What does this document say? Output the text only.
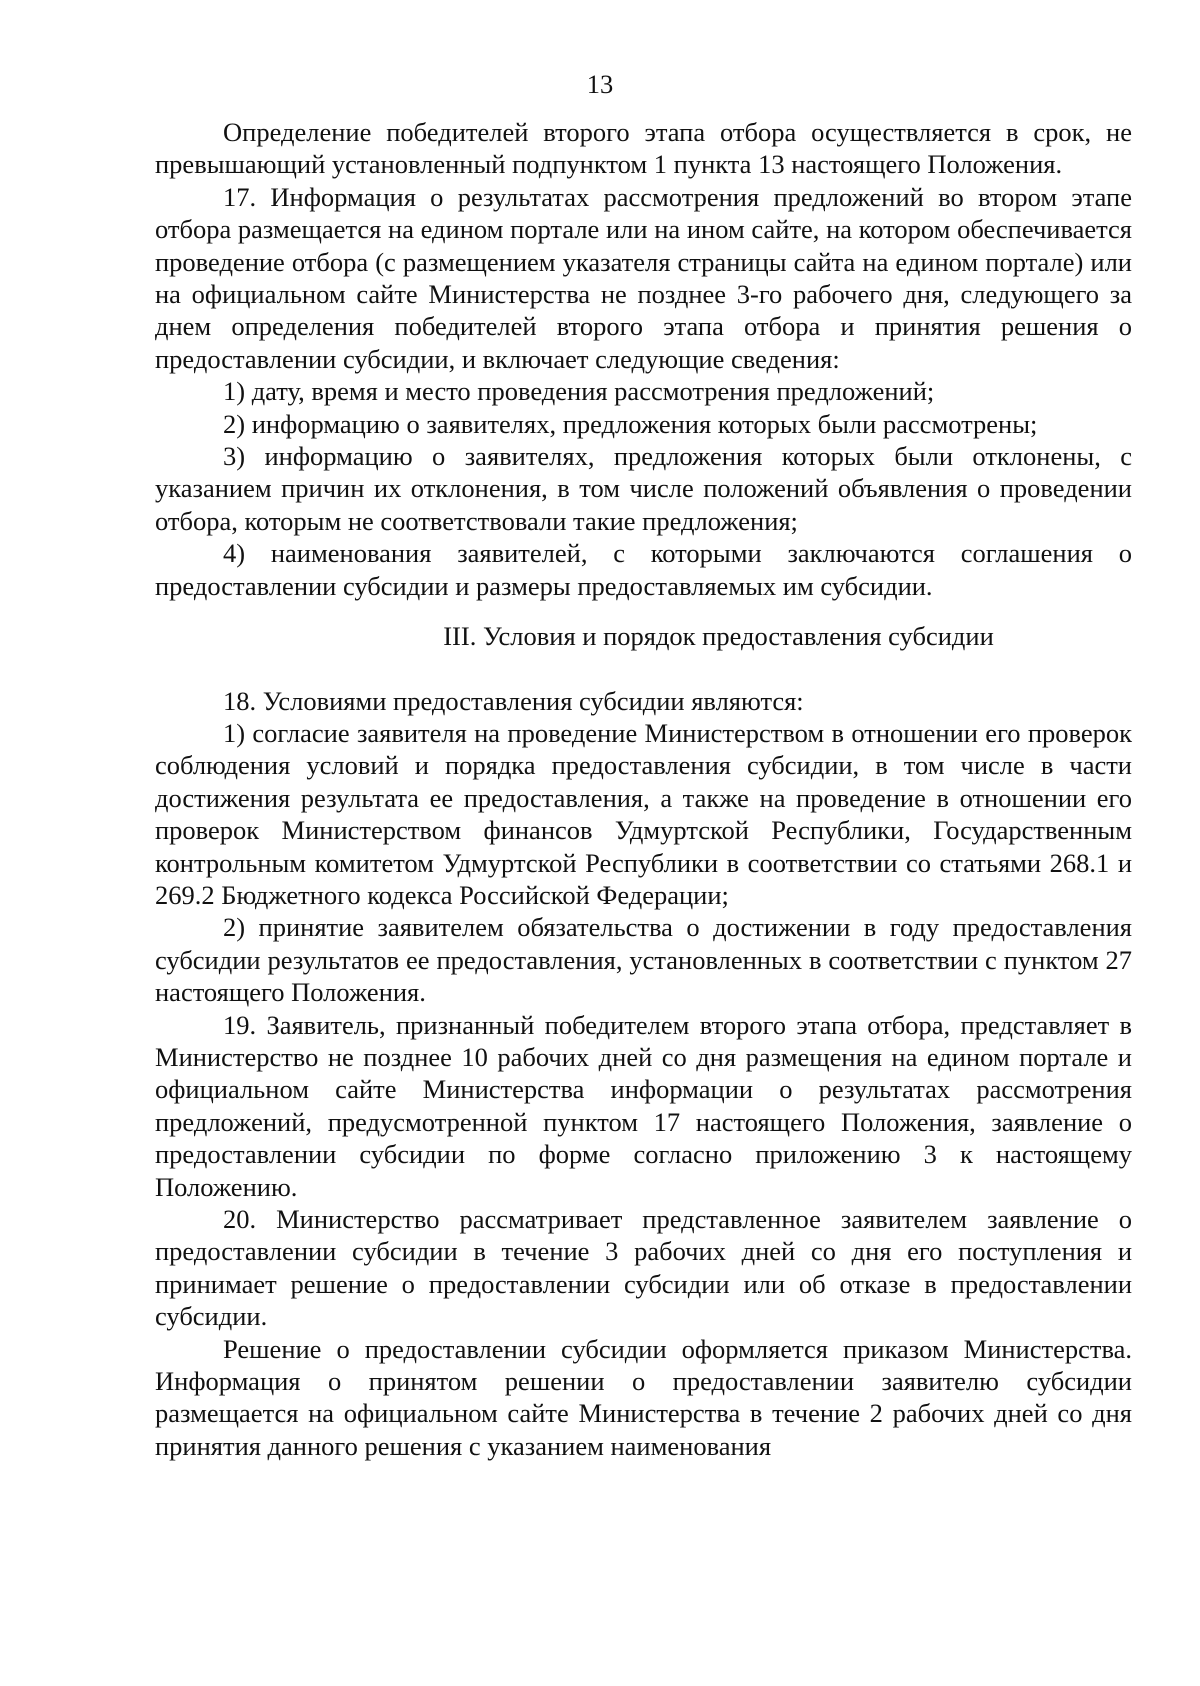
13

Определение победителей второго этапа отбора осуществляется в срок, не превышающий установленный подпунктом 1 пункта 13 настоящего Положения.

17. Информация о результатах рассмотрения предложений во втором этапе отбора размещается на едином портале или на ином сайте, на котором обеспечивается проведение отбора (с размещением указателя страницы сайта на едином портале) или на официальном сайте Министерства не позднее 3-го рабочего дня, следующего за днем определения победителей второго этапа отбора и принятия решения о предоставлении субсидии, и включает следующие сведения:

1) дату, время и место проведения рассмотрения предложений;

2) информацию о заявителях, предложения которых были рассмотрены;

3) информацию о заявителях, предложения которых были отклонены, с указанием причин их отклонения, в том числе положений объявления о проведении отбора, которым не соответствовали такие предложения;

4) наименования заявителей, с которыми заключаются соглашения о предоставлении субсидии и размеры предоставляемых им субсидии.

III. Условия и порядок предоставления субсидии

18. Условиями предоставления субсидии являются:

1) согласие заявителя на проведение Министерством в отношении его проверок соблюдения условий и порядка предоставления субсидии, в том числе в части достижения результата ее предоставления, а также на проведение в отношении его проверок Министерством финансов Удмуртской Республики, Государственным контрольным комитетом Удмуртской Республики в соответствии со статьями 268.1 и 269.2 Бюджетного кодекса Российской Федерации;

2) принятие заявителем обязательства о достижении в году предоставления субсидии результатов ее предоставления, установленных в соответствии с пунктом 27 настоящего Положения.

19. Заявитель, признанный победителем второго этапа отбора, представляет в Министерство не позднее 10 рабочих дней со дня размещения на едином портале и официальном сайте Министерства информации о результатах рассмотрения предложений, предусмотренной пунктом 17 настоящего Положения, заявление о предоставлении субсидии по форме согласно приложению 3 к настоящему Положению.

20. Министерство рассматривает представленное заявителем заявление о предоставлении субсидии в течение 3 рабочих дней со дня его поступления и принимает решение о предоставлении субсидии или об отказе в предоставлении субсидии.

Решение о предоставлении субсидии оформляется приказом Министерства. Информация о принятом решении о предоставлении заявителю субсидии размещается на официальном сайте Министерства в течение 2 рабочих дней со дня принятия данного решения с указанием наименования
